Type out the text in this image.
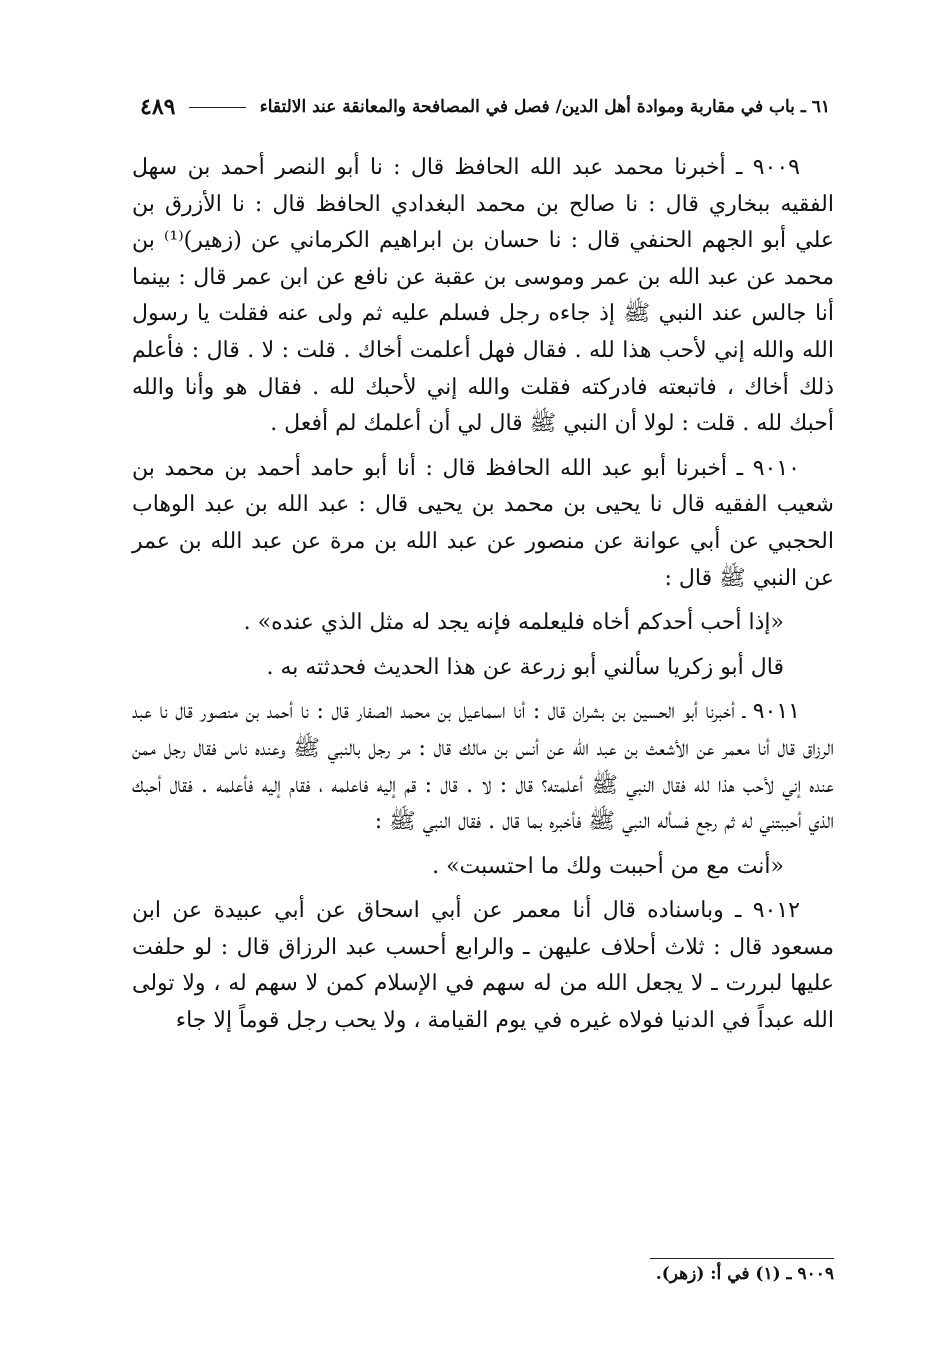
٦١ ـ باب في مقاربة وموادة أهل الدين/ فصل في المصافحة والمعانقة عند الالتقاء
٤٨٩

٩٠٠٩ ـ أخبرنا محمد عبد الله الحافظ قال : نا أبو النصر أحمد بن سهل الفقيه ببخاري قال : نا صالح بن محمد البغدادي الحافظ قال : نا الأزرق بن علي أبو الجهم الحنفي قال : نا حسان بن ابراهيم الكرماني عن (زهير)⁽¹⁾ بن محمد عن عبد الله بن عمر وموسى بن عقبة عن نافع عن ابن عمر قال : بينما أنا جالس عند النبي ﷺ إذ جاءه رجل فسلم عليه ثم ولى عنه فقلت يا رسول الله والله إني لأحب هذا لله . فقال فهل أعلمت أخاك . قلت : لا . قال : فأعلم ذلك أخاك ، فاتبعته فادركته فقلت والله إني لأحبك لله . فقال هو وأنا والله أحبك لله . قلت : لولا أن النبي ﷺ قال لي أن أعلمك لم أفعل .

٩٠١٠ ـ أخبرنا أبو عبد الله الحافظ قال : أنا أبو حامد أحمد بن محمد بن شعيب الفقيه قال نا يحيى بن محمد بن يحيى قال : عبد الله بن عبد الوهاب الحجبي عن أبي عوانة عن منصور عن عبد الله بن مرة عن عبد الله بن عمر عن النبي ﷺ قال :

«إذا أحب أحدكم أخاه فليعلمه فإنه يجد له مثل الذي عنده» .

قال أبو زكريا سألني أبو زرعة عن هذا الحديث فحدثته به .

٩٠١١ ـ أخبرنا أبو الحسين بن بشران قال : أنا اسماعيل بن محمد الصفار قال : نا أحمد بن منصور قال نا عبد الرزاق قال أنا معمر عن الأشعث بن عبد الله عن أنس بن مالك قال : مر رجل بالنبي ﷺ وعنده ناس فقال رجل ممن عنده إني لأحب هذا لله فقال النبي ﷺ أعلمته؟ قال : لا . قال : قم إليه فاعلمه ، فقام إليه فأعلمه . فقال أحبك الذي أحببتني له ثم رجع فسأله النبي ﷺ فأخبره بما قال . فقال النبي ﷺ :

«أنت مع من أحببت ولك ما احتسبت» .

٩٠١٢ ـ وباسناده قال أنا معمر عن أبي اسحاق عن أبي عبيدة عن ابن مسعود قال : ثلاث أحلاف عليهن ـ والرابع أحسب عبد الرزاق قال : لو حلفت عليها لبررت ـ لا يجعل الله من له سهم في الإسلام كمن لا سهم له ، ولا تولى الله عبداً في الدنيا فولاه غيره في يوم القيامة ، ولا يحب رجل قوماً إلا جاء

٩٠٠٩ ـ (١) في أ: (زهر).
